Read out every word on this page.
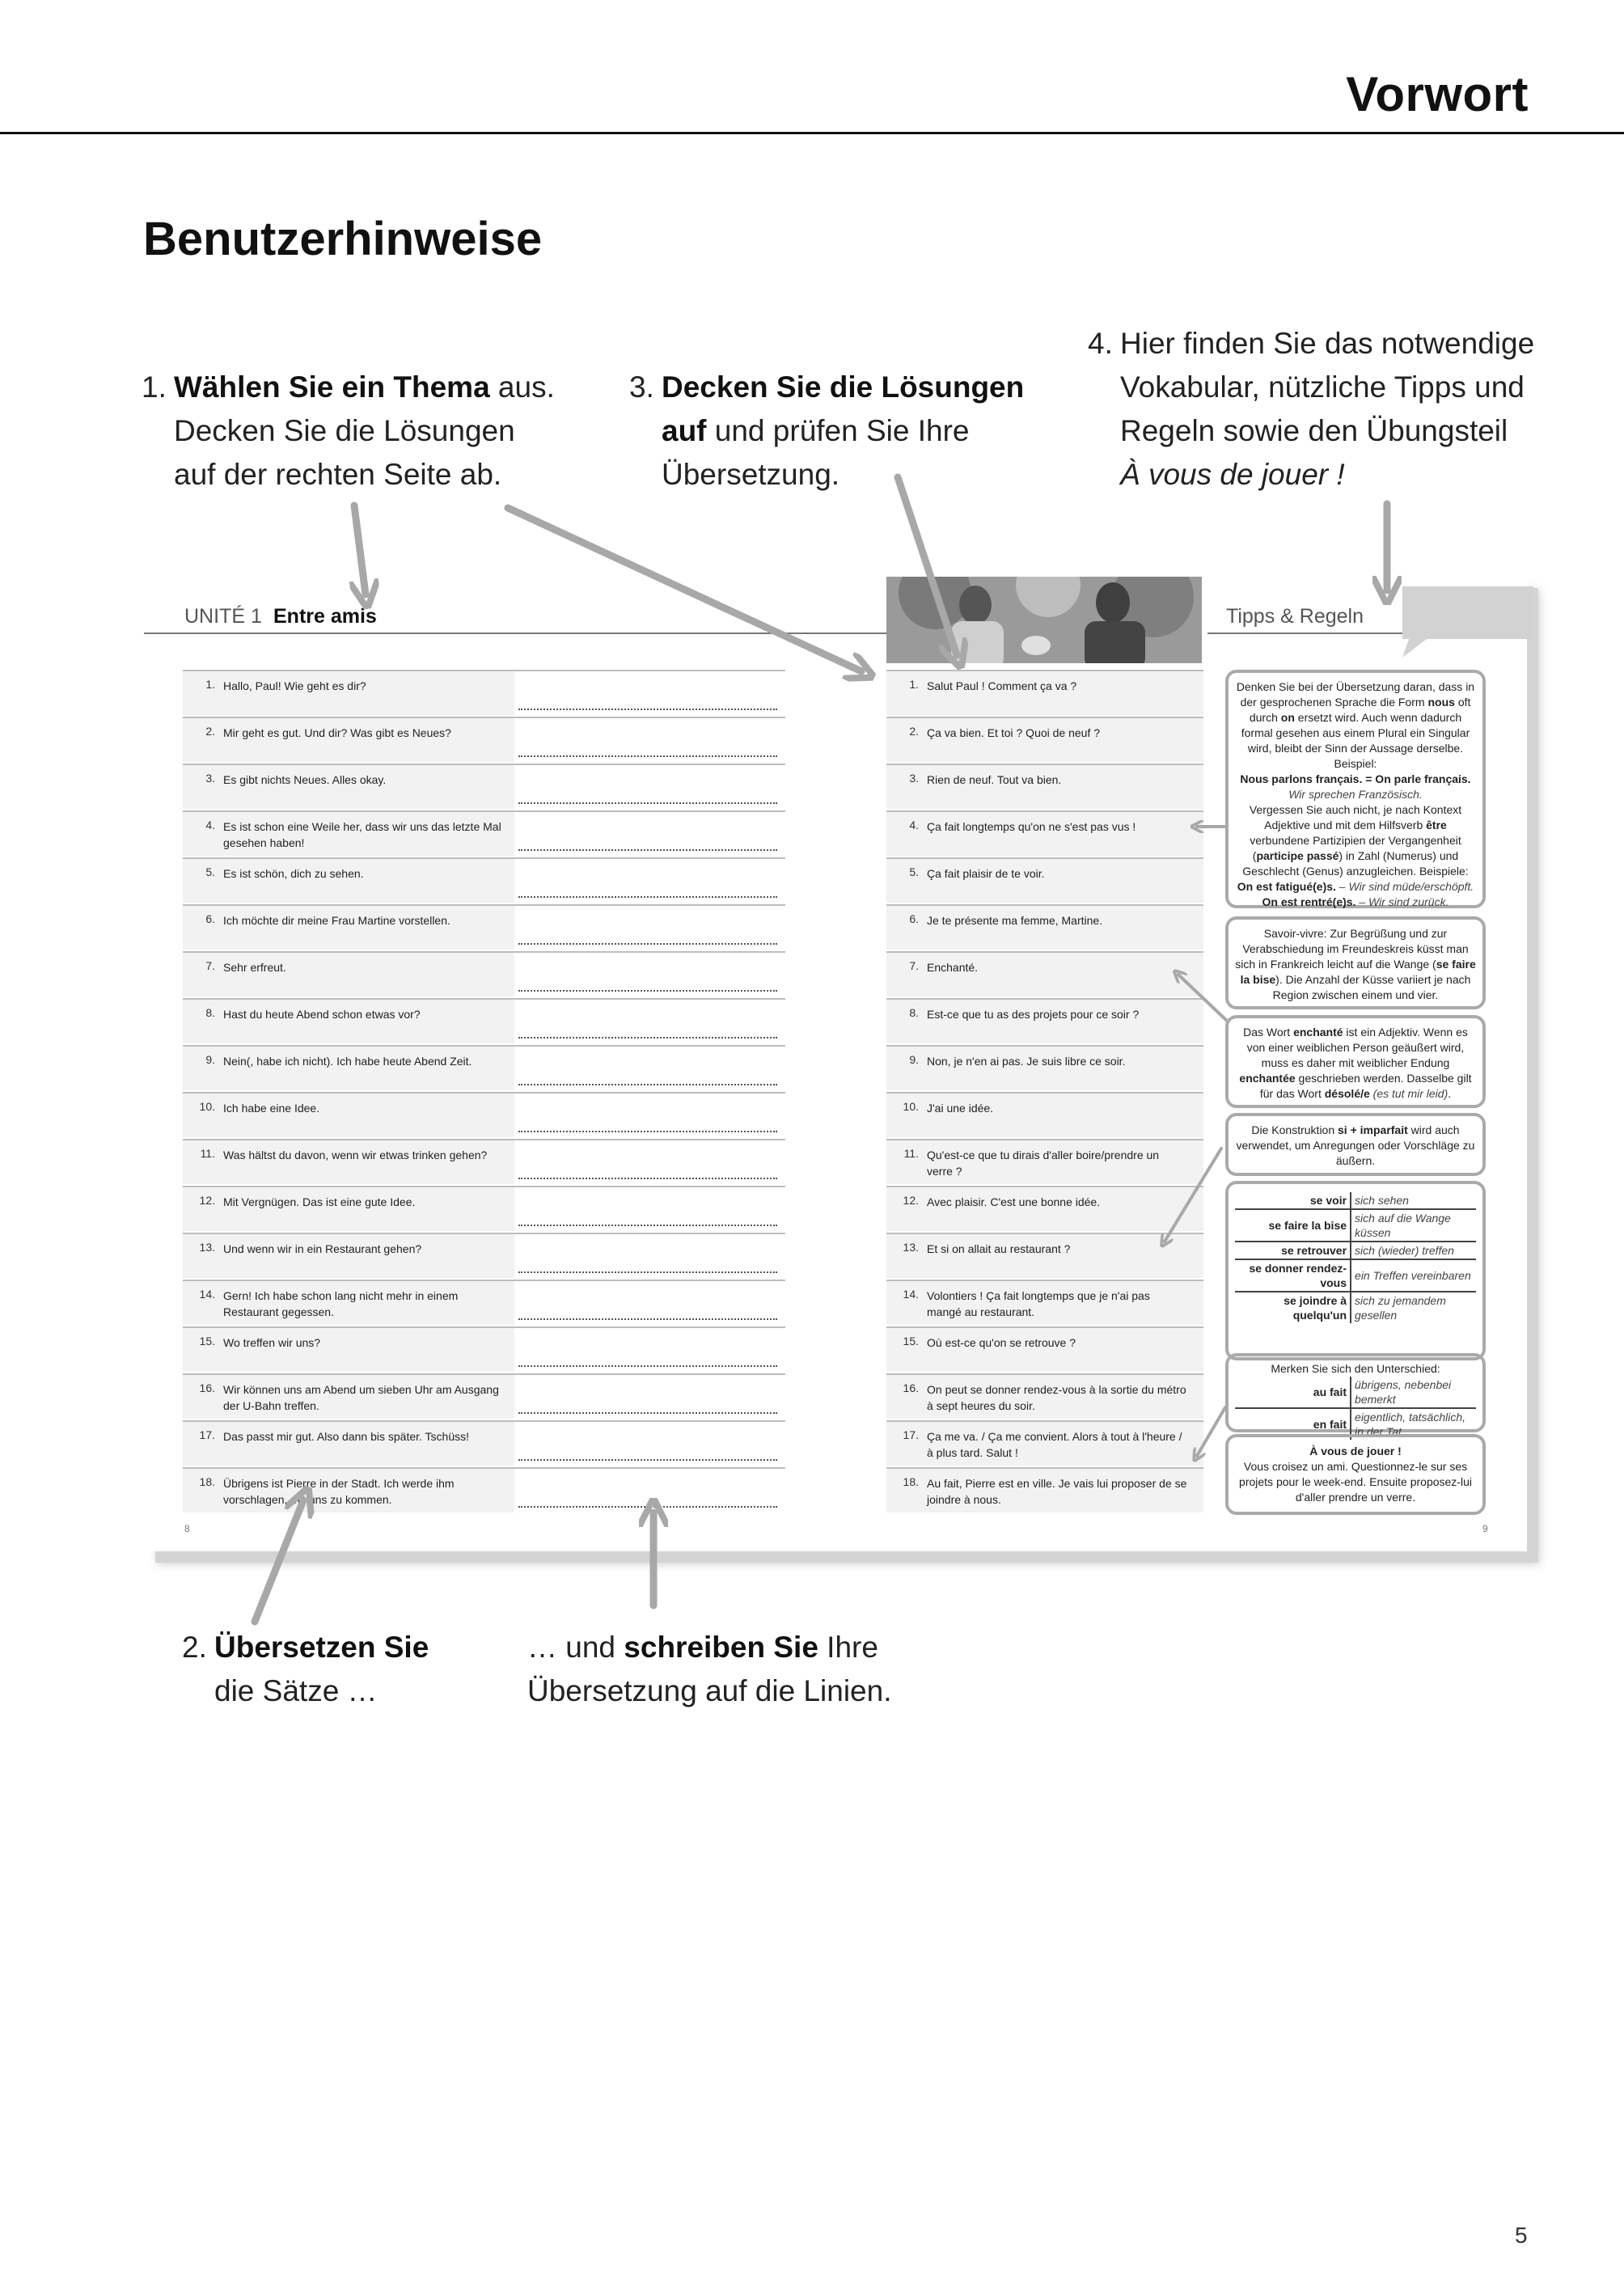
Vorwort
Benutzerhinweise
1. Wählen Sie ein Thema aus.
Decken Sie die Lösungen
auf der rechten Seite ab.
3. Decken Sie die Lösungen
auf und prüfen Sie Ihre
Übersetzung.
4. Hier finden Sie das notwendige
Vokabular, nützliche Tipps und
Regeln sowie den Übungsteil
À vous de jouer !
2. Übersetzen Sie
die Sätze …
… und schreiben Sie Ihre
Übersetzung auf die Linien.
UNITÉ 1 Entre amis	Tipps & Regeln
1. Hallo, Paul! Wie geht es dir?
2. Mir geht es gut. Und dir? Was gibt es Neues?
3. Es gibt nichts Neues. Alles okay.
4. Es ist schon eine Weile her, dass wir uns das letzte Mal
gesehen haben!
5. Es ist schön, dich zu sehen.
6. Ich möchte dir meine Frau Martine vorstellen.
7. Sehr erfreut.
8. Hast du heute Abend schon etwas vor?
9. Nein(, habe ich nicht). Ich habe heute Abend Zeit.
10. Ich habe eine Idee.
11. Was hältst du davon, wenn wir etwas trinken gehen?
12. Mit Vergnügen. Das ist eine gute Idee.
13. Und wenn wir in ein Restaurant gehen?
14. Gern! Ich habe schon lang nicht mehr in einem
Restaurant gegessen.
15. Wo treffen wir uns?
16. Wir können uns am Abend um sieben Uhr am Ausgang
der U-Bahn treffen.
17. Das passt mir gut. Also dann bis später. Tschüss!
18. Übrigens ist Pierre in der Stadt. Ich werde ihm
vorschlagen, mit uns zu kommen.
1. Salut Paul ! Comment ça va ?
2. Ça va bien. Et toi ? Quoi de neuf ?
3. Rien de neuf. Tout va bien.
4. Ça fait longtemps qu'on ne s'est pas vus !
5. Ça fait plaisir de te voir.
6. Je te présente ma femme, Martine.
7. Enchanté.
8. Est-ce que tu as des projets pour ce soir ?
9. Non, je n'en ai pas. Je suis libre ce soir.
10. J'ai une idée.
11. Qu'est-ce que tu dirais d'aller boire/prendre un
verre ?
12. Avec plaisir. C'est une bonne idée.
13. Et si on allait au restaurant ?
14. Volontiers ! Ça fait longtemps que je n'ai pas
mangé au restaurant.
15. Où est-ce qu'on se retrouve ?
16. On peut se donner rendez-vous à la sortie du métro
à sept heures du soir.
17. Ça me va. / Ça me convient. Alors à tout à l'heure /
à plus tard. Salut !
18. Au fait, Pierre est en ville. Je vais lui proposer de se
joindre à nous.
Denken Sie bei der Übersetzung daran, dass in der gesprochenen Sprache die Form nous oft durch on ersetzt wird. Auch wenn dadurch formal gesehen aus einem Plural ein Singular wird, bleibt der Sinn der Aussage derselbe. Beispiel:
Nous parlons français. = On parle français.
Wir sprechen Französisch.
Vergessen Sie auch nicht, je nach Kontext Adjektive und mit dem Hilfsverb être verbundene Partizipien der Vergangenheit (participe passé) in Zahl (Numerus) und Geschlecht (Genus) anzugleichen. Beispiele:
On est fatigué(e)s. – Wir sind müde/erschöpft.
On est rentré(e)s. – Wir sind zurück.
Savoir-vivre: Zur Begrüßung und zur Verabschiedung im Freundeskreis küsst man sich in Frankreich leicht auf die Wange (se faire la bise). Die Anzahl der Küsse variiert je nach Region zwischen einem und vier.
Das Wort enchanté ist ein Adjektiv. Wenn es von einer weiblichen Person geäußert wird, muss es daher mit weiblicher Endung enchantée geschrieben werden. Dasselbe gilt für das Wort désolé/e (es tut mir leid).
Die Konstruktion si + imparfait wird auch verwendet, um Anregungen oder Vorschläge zu äußern.
se voir	sich sehen
se faire la bise	sich auf die Wange küssen
se retrouver	sich (wieder) treffen
se donner rendez-vous	ein Treffen vereinbaren
se joindre à quelqu'un	sich zu jemandem gesellen
Merken Sie sich den Unterschied:
au fait	übrigens, nebenbei bemerkt
en fait	eigentlich, tatsächlich, in der Tat
À vous de jouer !
Vous croisez un ami. Questionnez-le sur ses projets pour le week-end. Ensuite proposez-lui d'aller prendre un verre.
8	9
5
